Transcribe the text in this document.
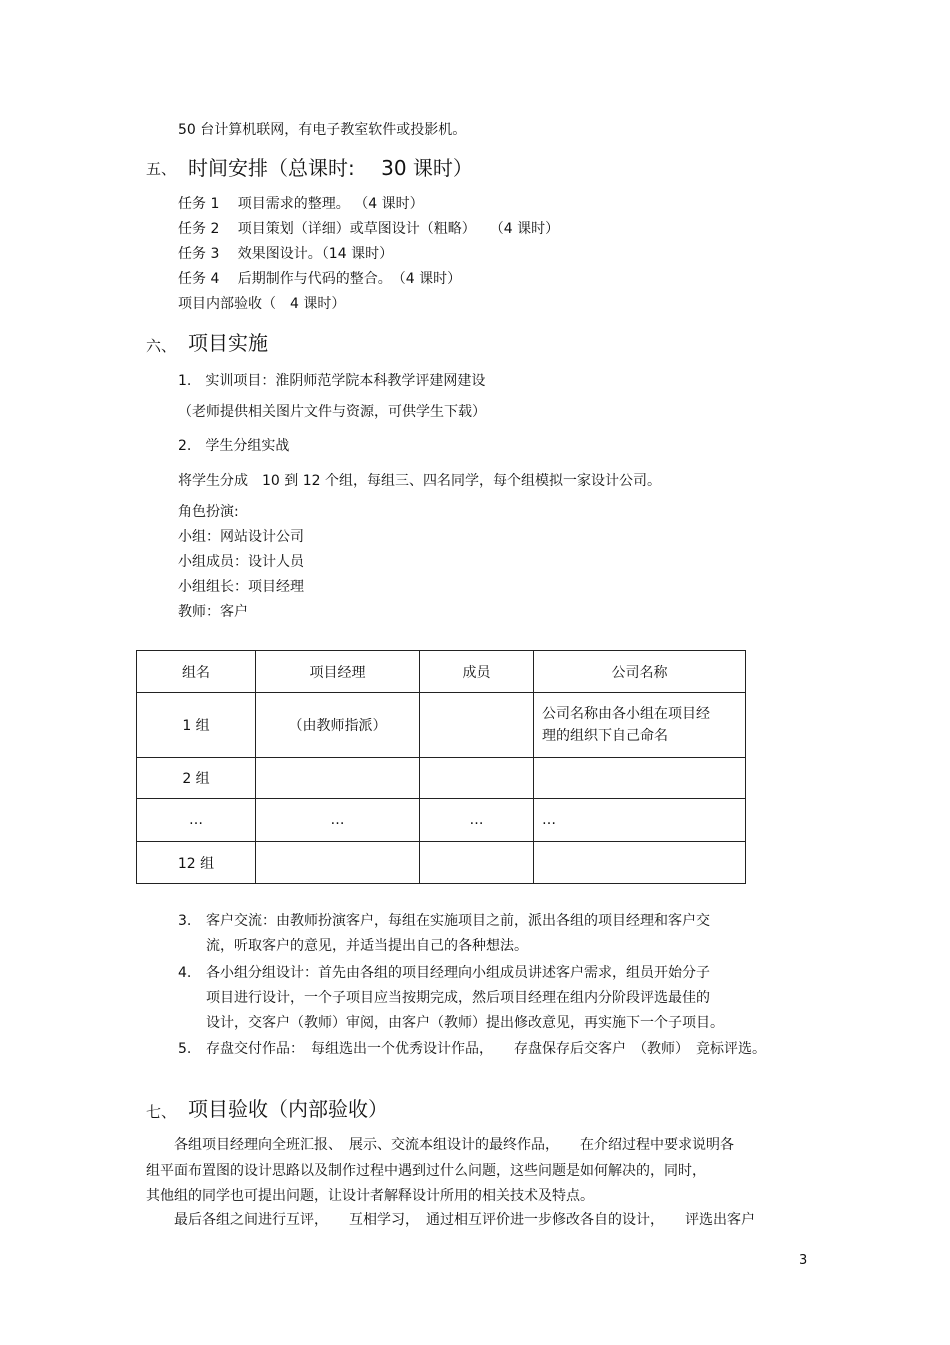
50 台计算机联网，有电子教室软件或投影机。
五、 时间安排（总课时:　 30 课时）
任务 1　 项目需求的整理。 （4 课时）
任务 2　 项目策划（详细）或草图设计（粗略）　　（4 课时）
任务 3　 效果图设计。（14 课时）
任务 4　 后期制作与代码的整合。　（4 课时）
项目内部验收（　4 课时）
六、 项目实施
1.　实训项目：淮阴师范学院本科教学评建网建设
（老师提供相关图片文件与资源，可供学生下载）
2.　学生分组实战
将学生分成　10 到 12 个组，每组三、四名同学，每个组模拟一家设计公司。
角色扮演:
小组：网站设计公司
小组成员：设计人员
小组组长：项目经理
教师：客户
组名	项目经理	成员	公司名称
1 组	（由教师指派）		公司名称由各小组在项目经理的组织下自己命名
2 组			
…	…	…	…
12 组			
3. 客户交流：由教师扮演客户，每组在实施项目之前，派出各组的项目经理和客户交
流，听取客户的意见，并适当提出自己的各种想法。
4. 各小组分组设计：首先由各组的项目经理向小组成员讲述客户需求，组员开始分子
项目进行设计，一个子项目应当按期完成，然后项目经理在组内分阶段评选最佳的
设计，交客户（教师）审阅，由客户（教师）提出修改意见，再实施下一个子项目。
5. 存盘交付作品：　每组选出一个优秀设计作品，　　存盘保存后交客户　（教师）　竞标评选。
七、 项目验收（内部验收）
　　各组项目经理向全班汇报、　展示、交流本组设计的最终作品，　　在介绍过程中要求说明各
组平面布置图的设计思路以及制作过程中遇到过什么问题，这些问题是如何解决的，同时，
其他组的同学也可提出问题，让设计者解释设计所用的相关技术及特点。
　　最后各组之间进行互评，　　互相学习，　通过相互评价进一步修改各自的设计，　　评选出客户
3
